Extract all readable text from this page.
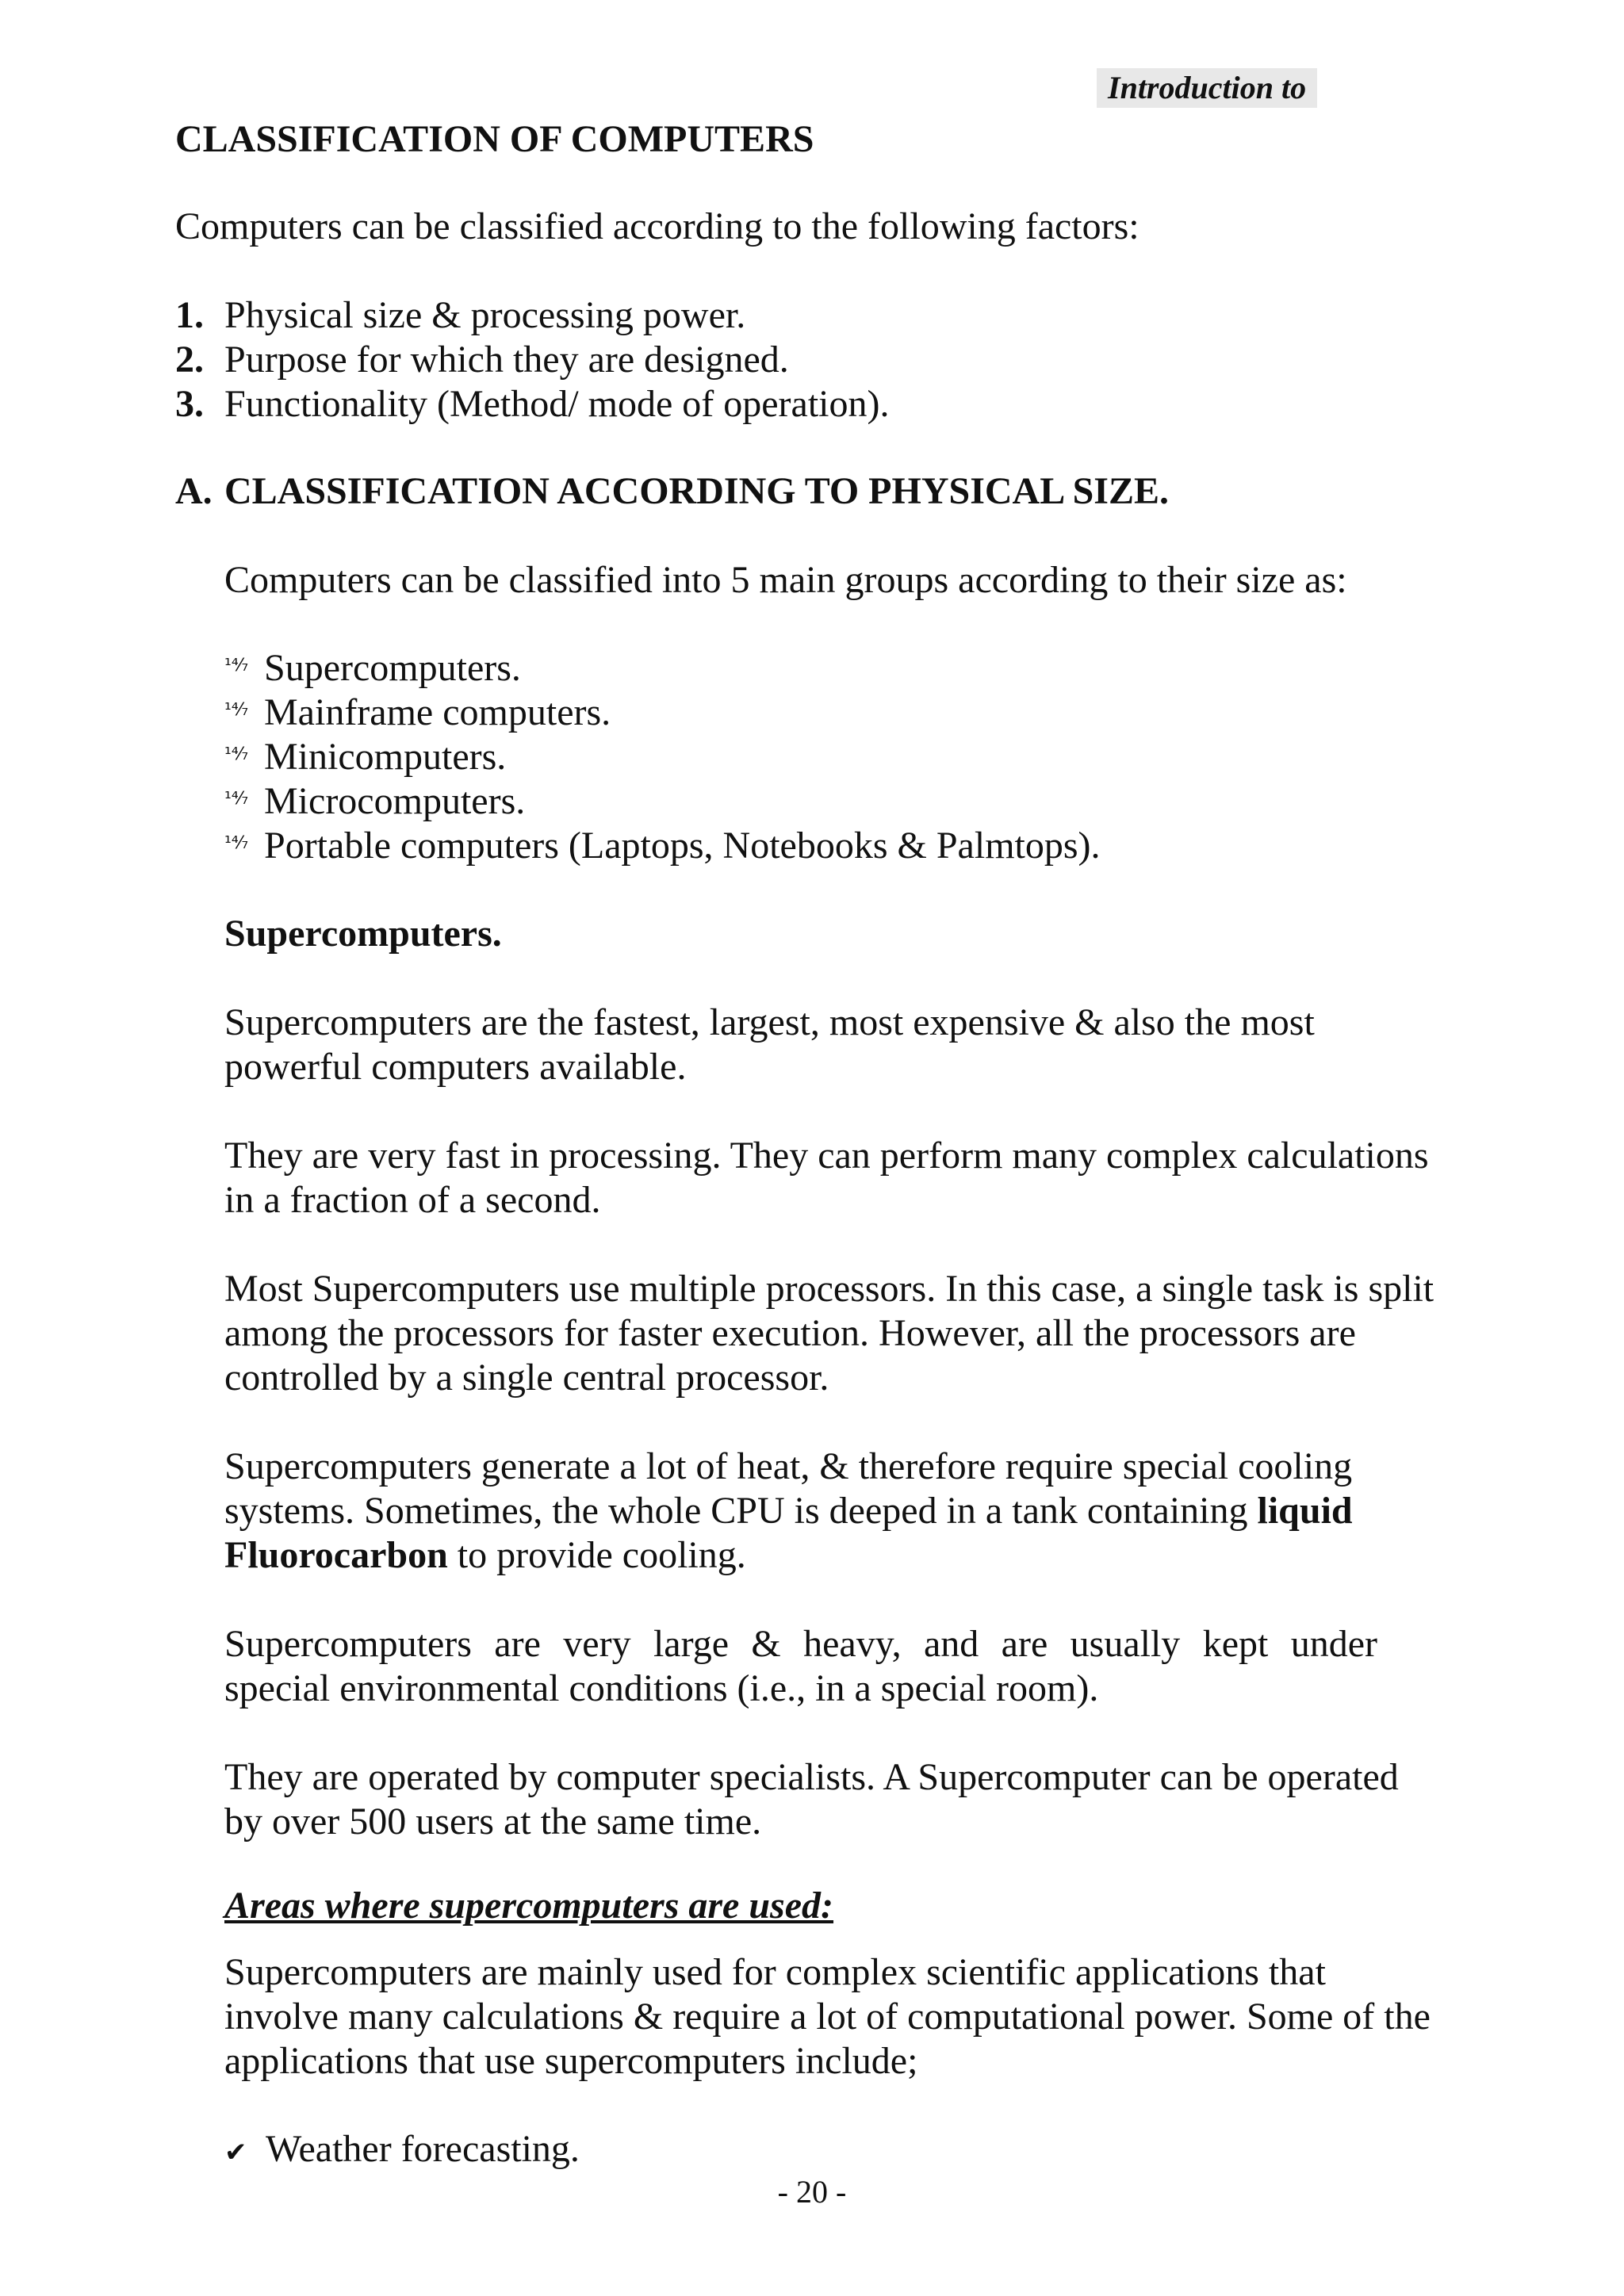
Introduction to
CLASSIFICATION OF COMPUTERS
Computers can be classified according to the following factors:
1. Physical size & processing power.
2. Purpose for which they are designed.
3. Functionality (Method/ mode of operation).
A. CLASSIFICATION ACCORDING TO PHYSICAL SIZE.
Computers can be classified into 5 main groups according to their size as:
¹⁴⁄₇ Supercomputers.
¹⁴⁄₇ Mainframe computers.
¹⁴⁄₇ Minicomputers.
¹⁴⁄₇ Microcomputers.
¹⁴⁄₇ Portable computers (Laptops, Notebooks & Palmtops).
Supercomputers.
Supercomputers are the fastest, largest, most expensive & also the most
powerful computers available.
They are very fast in processing. They can perform many complex calculations
in a fraction of a second.
Most Supercomputers use multiple processors. In this case, a single task is split
among the processors for faster execution. However, all the processors are
controlled by a single central processor.
Supercomputers generate a lot of heat, & therefore require special cooling
systems. Sometimes, the whole CPU is deeped in a tank containing liquid
Fluorocarbon to provide cooling.
Supercomputers are very large & heavy, and are usually kept under
special environmental conditions (i.e., in a special room).
They are operated by computer specialists. A Supercomputer can be operated
by over 500 users at the same time.
Areas where supercomputers are used:
Supercomputers are mainly used for complex scientific applications that
involve many calculations & require a lot of computational power. Some of the
applications that use supercomputers include;
✔ Weather forecasting.
- 20 -
